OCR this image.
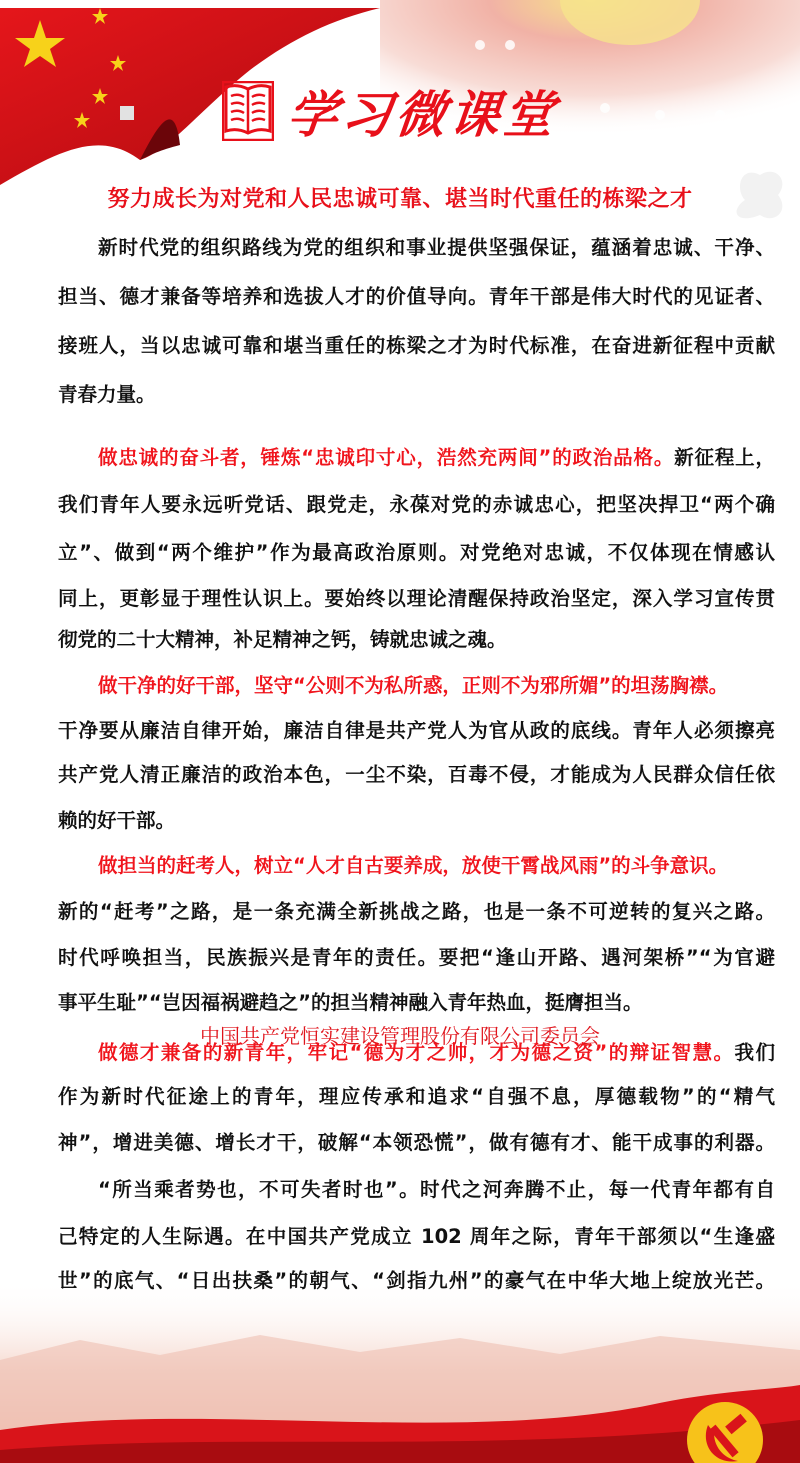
学习微课堂
努力成长为对党和人民忠诚可靠、堪当时代重任的栋梁之才
新时代党的组织路线为党的组织和事业提供坚强保证，蕴涵着忠诚、干净、
担当、德才兼备等培养和选拔人才的价值导向。青年干部是伟大时代的见证者、
接班人，当以忠诚可靠和堪当重任的栋梁之才为时代标准，在奋进新征程中贡献
青春力量。
做忠诚的奋斗者，锤炼“忠诚印寸心，浩然充两间”的政治品格。新征程上，
我们青年人要永远听党话、跟党走，永葆对党的赤诚忠心，把坚决捍卫“两个确
立”、做到“两个维护”作为最高政治原则。对党绝对忠诚，不仅体现在情感认
同上，更彰显于理性认识上。要始终以理论清醒保持政治坚定，深入学习宣传贯
彻党的二十大精神，补足精神之钙，铸就忠诚之魂。
做干净的好干部，坚守“公则不为私所惑，正则不为邪所媚”的坦荡胸襟。
干净要从廉洁自律开始，廉洁自律是共产党人为官从政的底线。青年人必须擦亮
共产党人清正廉洁的政治本色，一尘不染，百毒不侵，才能成为人民群众信任依
赖的好干部。
做担当的赶考人，树立“人才自古要养成，放使干霄战风雨”的斗争意识。
新的“赶考”之路，是一条充满全新挑战之路，也是一条不可逆转的复兴之路。
时代呼唤担当，民族振兴是青年的责任。要把“逢山开路、遇河架桥”“为官避
事平生耻”“岂因福祸避趋之”的担当精神融入青年热血，挺膺担当。
做德才兼备的新青年，牢记“德为才之帅，才为德之资”的辩证智慧。我们
作为新时代征途上的青年，理应传承和追求“自强不息，厚德载物”的“精气
神”，增进美德、增长才干，破解“本领恐慌”，做有德有才、能干成事的利器。
“所当乘者势也，不可失者时也”。时代之河奔腾不止，每一代青年都有自
己特定的人生际遇。在中国共产党成立 102 周年之际，青年干部须以“生逢盛
世”的底气、“日出扶桑”的朝气、“剑指九州”的豪气在中华大地上绽放光芒。
中国共产党恒实建设管理股份有限公司委员会
